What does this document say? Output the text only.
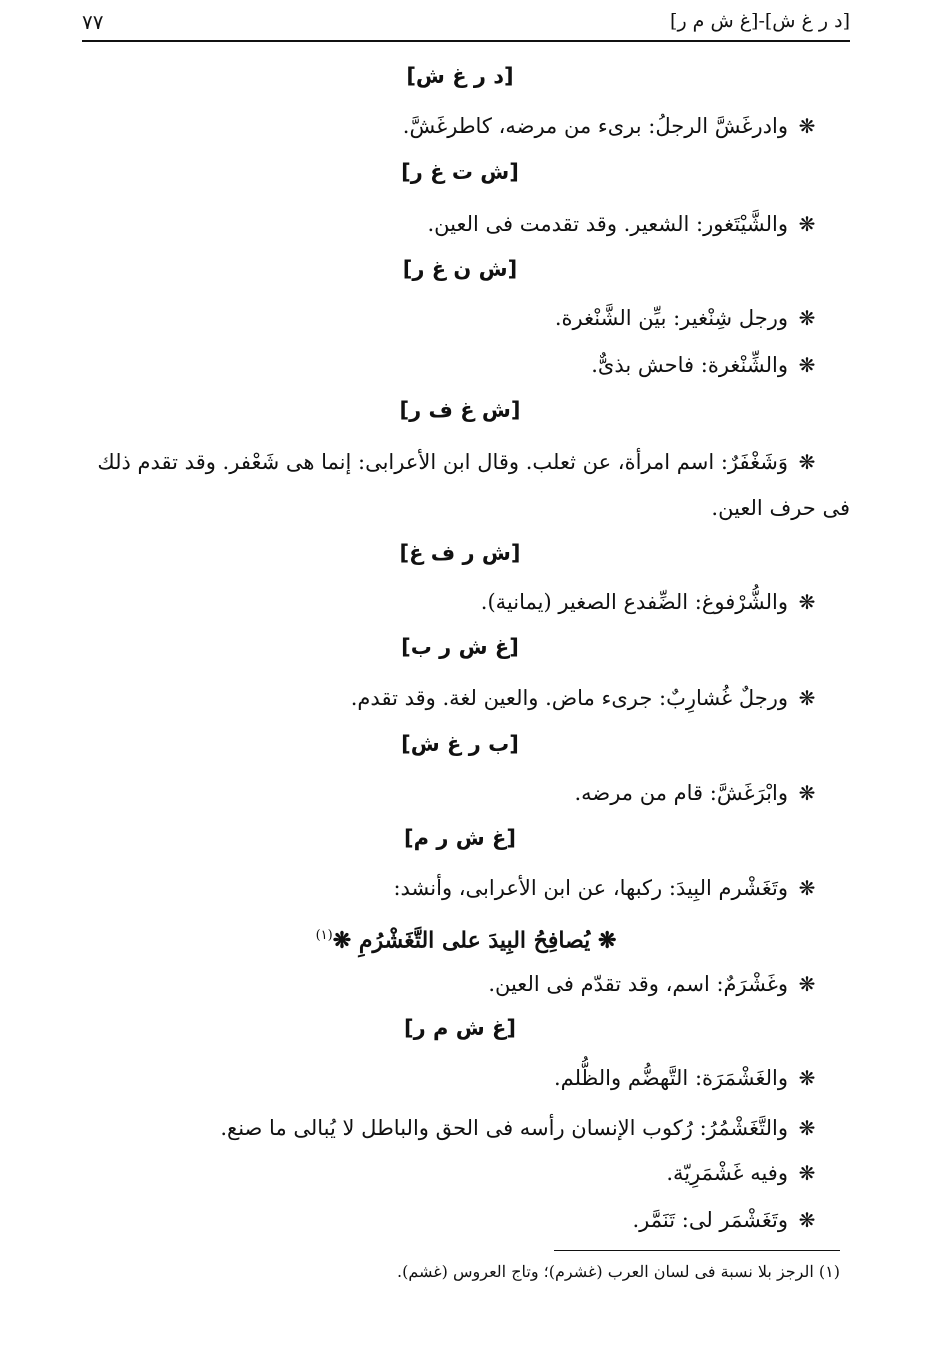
[د ر غ ش]-[غ ش م ر]
٧٧
[د ر غ ش]
❋وادرغَشَّ الرجلُ: برىء من مرضه، كاطرغَشَّ.
[ش ت غ ر]
❋والشَّيْتَغور: الشعير. وقد تقدمت فى العين.
[ش ن غ ر]
❋ورجل شِنْغير: بيِّن الشَّنْغرة.
❋والشِّنْغرة: فاحش بذىٌّ.
[ش غ ف ر]
❋وَشَغْفَرٌ: اسم امرأة، عن ثعلب. وقال ابن الأعرابى: إنما هى شَعْفر. وقد تقدم ذلك
فى حرف العين.
[ش ر ف غ]
❋والشُّرْفوغ: الضِّفدع الصغير (يمانية).
[غ ش ر ب]
❋ورجلٌ غُشارِبٌ: جرىء ماض. والعين لغة. وقد تقدم.
[ب ر غ ش]
❋وابْرَغَشَّ: قام من مرضه.
[غ ش ر م]
❋وتَغَشْرم البِيدَ: ركبها، عن ابن الأعرابى، وأنشد:
❋ يُصافِحُ البِيدَ على التَّغَشْرُمِ ❋$^{(١)}$
❋وغَشْرَمٌ: اسم، وقد تقدّم فى العين.
[غ ش م ر]
❋والغَشْمَرَة: التَّهضُّم والظُّلم.
❋والتَّغَشْمُرُ: رُكوب الإنسان رأسه فى الحق والباطل لا يُبالى ما صنع.
❋وفيه غَشْمَرِيّة.
❋وتَغَشْمَر لى: تَنَمَّر.
(١) الرجز بلا نسبة فى لسان العرب (غشرم)؛ وتاج العروس (غشم).
